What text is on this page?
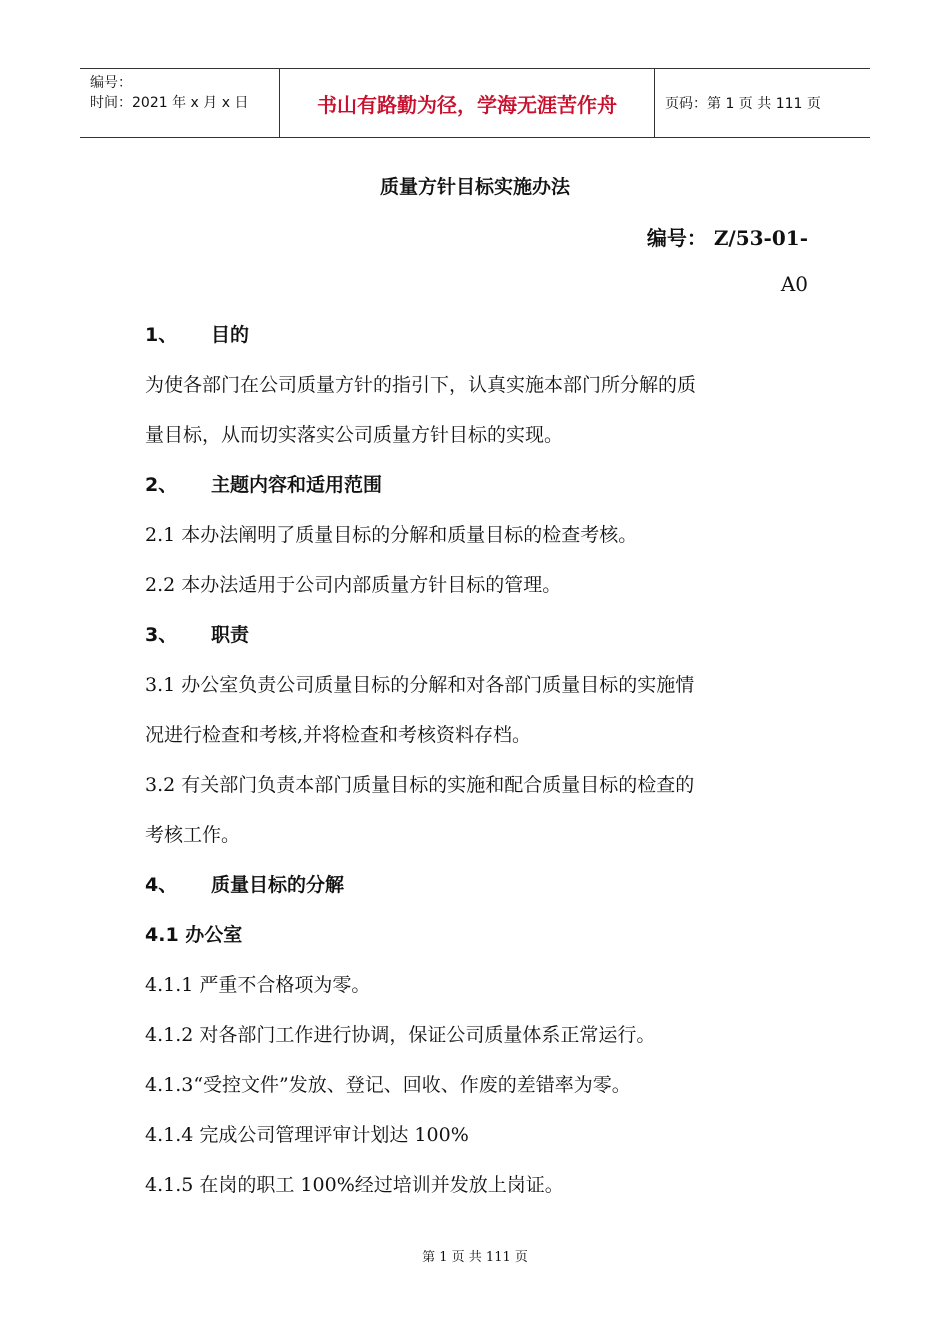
编号：
时间：2021 年 x 月 x 日	书山有路勤为径，学海无涯苦作舟	页码：第 1 页 共 111 页
质量方针目标实施办法
编号： Z/53-01-
A0
1、 目的
为使各部门在公司质量方针的指引下，认真实施本部门所分解的质
量目标，从而切实落实公司质量方针目标的实现。
2、 主题内容和适用范围
2.1 本办法阐明了质量目标的分解和质量目标的检查考核。
2.2 本办法适用于公司内部质量方针目标的管理。
3、 职责
3.1 办公室负责公司质量目标的分解和对各部门质量目标的实施情
况进行检查和考核,并将检查和考核资料存档。
3.2 有关部门负责本部门质量目标的实施和配合质量目标的检查的
考核工作。
4、 质量目标的分解
4.1 办公室
4.1.1 严重不合格项为零。
4.1.2 对各部门工作进行协调，保证公司质量体系正常运行。
4.1.3“受控文件”发放、登记、回收、作废的差错率为零。
4.1.4 完成公司管理评审计划达 100%
4.1.5 在岗的职工 100%经过培训并发放上岗证。
第 1 页 共 111 页
